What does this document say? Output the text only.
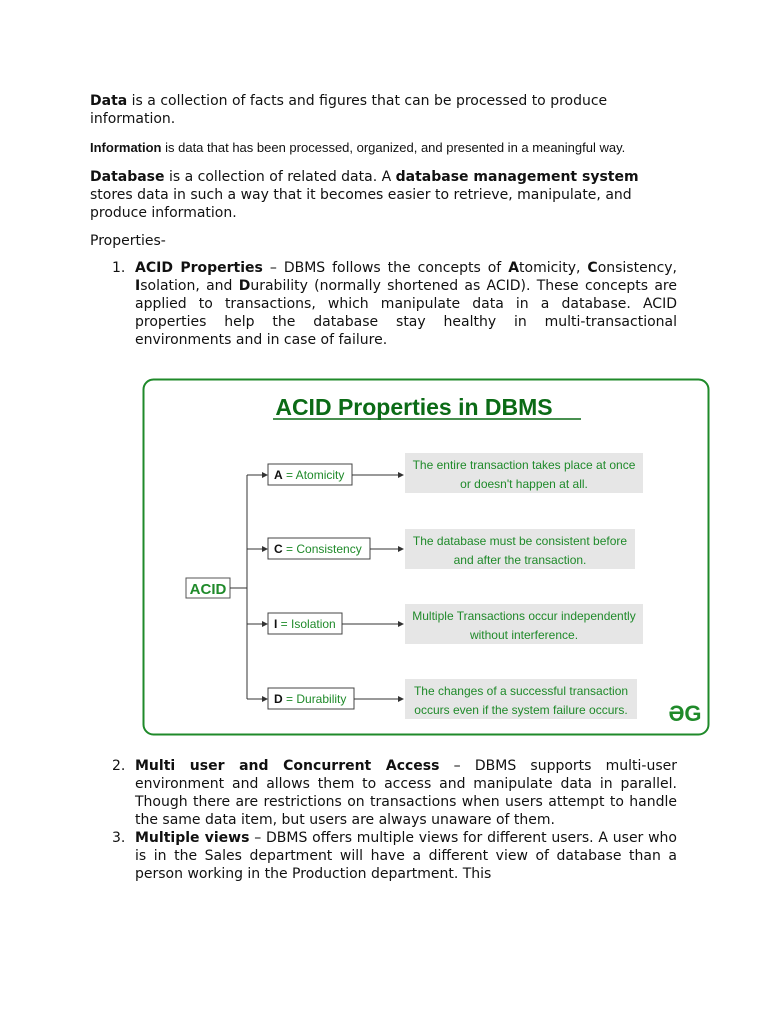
Data is a collection of facts and figures that can be processed to produce information.

Information is data that has been processed, organized, and presented in a meaningful way.

Database is a collection of related data. A database management system stores data in such a way that it becomes easier to retrieve, manipulate, and produce information.

Properties-

1. ACID Properties – DBMS follows the concepts of Atomicity, Consistency, Isolation, and Durability (normally shortened as ACID). These concepts are applied to transactions, which manipulate data in a database. ACID properties help the database stay healthy in multi-transactional environments and in case of failure.
ACID Properties in DBMS
ACID
A = Atomicity
The entire transaction takes place at once
or doesn't happen at all.
C = Consistency
The database must be consistent before
and after the transaction.
I = Isolation
Multiple Transactions occur independently
without interference.
D = Durability
The changes of a successful transaction
occurs even if the system failure occurs. ƏG
2. Multi user and Concurrent Access – DBMS supports multi-user environment and allows them to access and manipulate data in parallel. Though there are restrictions on transactions when users attempt to handle the same data item, but users are always unaware of them.
3. Multiple views – DBMS offers multiple views for different users. A user who is in the Sales department will have a different view of database than a person working in the Production department. This
